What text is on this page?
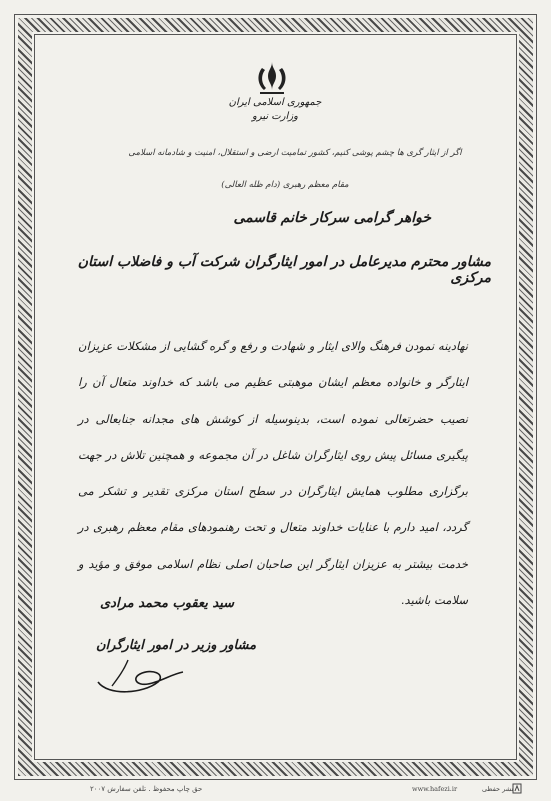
جمهوری اسلامی ایران
وزارت نیرو
اگر از ایثار گری ها چشم پوشی کنیم، کشور تمامیت ارضی و استقلال، امنیت و شادمانه اسلامی
مقام معظم رهبری (دام ظله العالی)
خواهر گرامی سرکار خانم قاسمی
مشاور محترم مدیرعامل در امور ایثارگران شرکت آب و فاضلاب استان مرکزی
نهادینه نمودن فرهنگ والای ایثار و شهادت و رفع و گره گشایی از مشکلات عزیزان ایثارگر و خانواده معظم ایشان موهبتی عظیم می باشد که خداوند متعال آن را نصیب حضرتعالی نموده است، بدینوسیله از کوشش های مجدانه جنابعالی در پیگیری مسائل پیش روی ایثارگران شاغل در آن مجموعه و همچنین تلاش در جهت برگزاری مطلوب همایش ایثارگران در سطح استان مرکزی تقدیر و تشکر می گردد، امید دارم با عنایات خداوند متعال و تحت رهنمودهای مقام معظم رهبری در خدمت بیشتر به عزیزان ایثارگر این صاحبان اصلی نظام اسلامی موفق و مؤید و سلامت باشید.
سید یعقوب محمد مرادی
مشاور وزیر در امور ایثارگران
حق چاپ محفوظ . تلفن سفارش ۲۰۰۷	www.hafezi.ir	نشر حفظی
